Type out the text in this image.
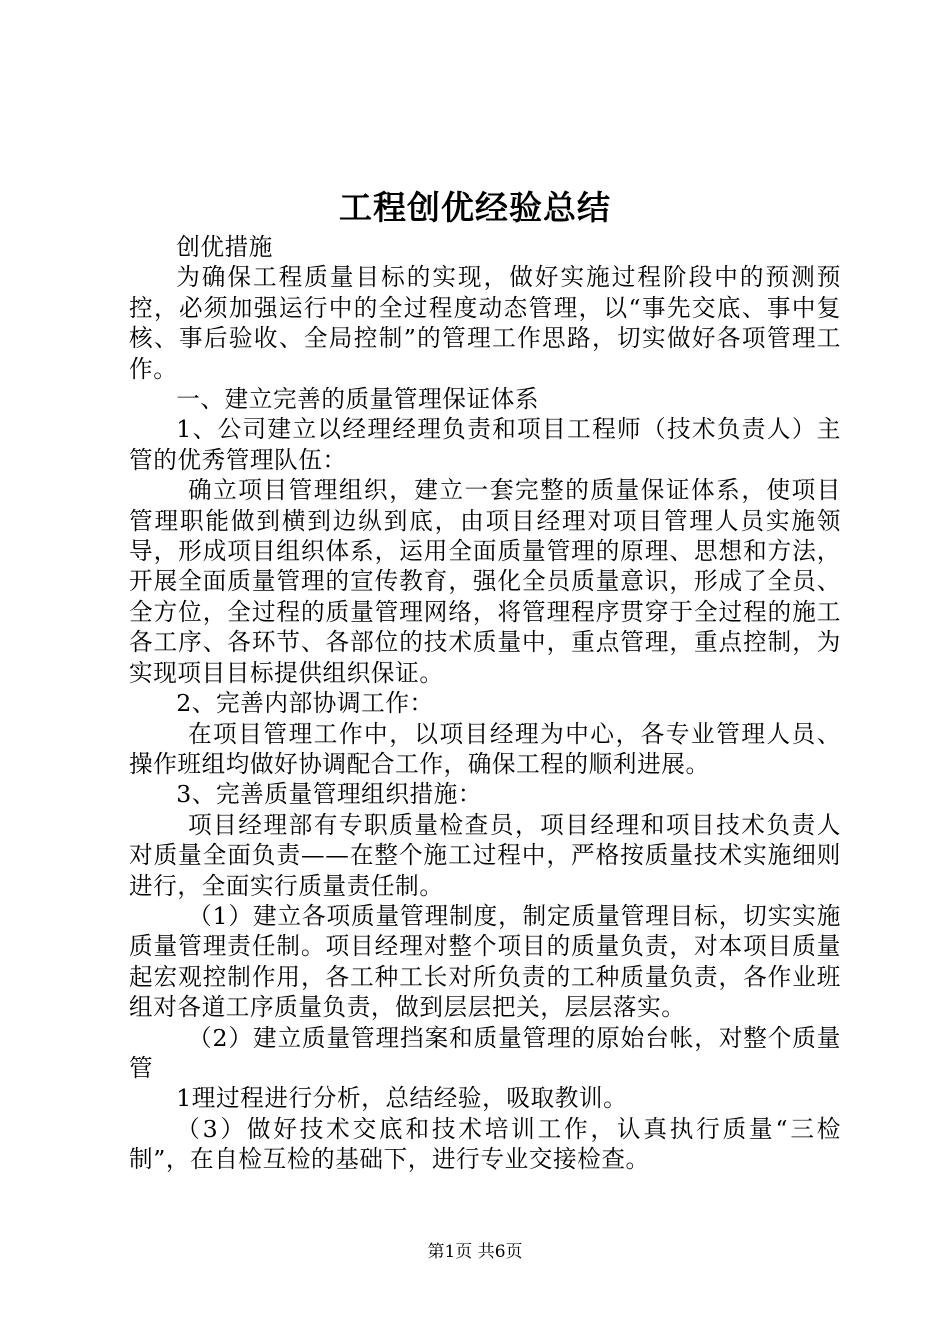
工程创优经验总结

创优措施

为确保工程质量目标的实现，做好实施过程阶段中的预测预控，必须加强运行中的全过程度动态管理，以“事先交底、事中复核、事后验收、全局控制”的管理工作思路，切实做好各项管理工作。

一、建立完善的质量管理保证体系

1、公司建立以经理经理负责和项目工程师（技术负责人）主管的优秀管理队伍：

确立项目管理组织，建立一套完整的质量保证体系，使项目管理职能做到横到边纵到底，由项目经理对项目管理人员实施领导，形成项目组织体系，运用全面质量管理的原理、思想和方法，开展全面质量管理的宣传教育，强化全员质量意识，形成了全员、全方位，全过程的质量管理网络，将管理程序贯穿于全过程的施工各工序、各环节、各部位的技术质量中，重点管理，重点控制，为实现项目目标提供组织保证。

2、完善内部协调工作：

在项目管理工作中，以项目经理为中心，各专业管理人员、操作班组均做好协调配合工作，确保工程的顺利进展。

3、完善质量管理组织措施：

项目经理部有专职质量检查员，项目经理和项目技术负责人对质量全面负责——在整个施工过程中，严格按质量技术实施细则进行，全面实行质量责任制。

（1）建立各项质量管理制度，制定质量管理目标，切实实施质量管理责任制。项目经理对整个项目的质量负责，对本项目质量起宏观控制作用，各工种工长对所负责的工种质量负责，各作业班组对各道工序质量负责，做到层层把关，层层落实。

（2）建立质量管理挡案和质量管理的原始台帐，对整个质量管

1理过程进行分析，总结经验，吸取教训。

（3）做好技术交底和技术培训工作，认真执行质量“三检制”，在自检互检的基础下，进行专业交接检查。

第1页 共6页
